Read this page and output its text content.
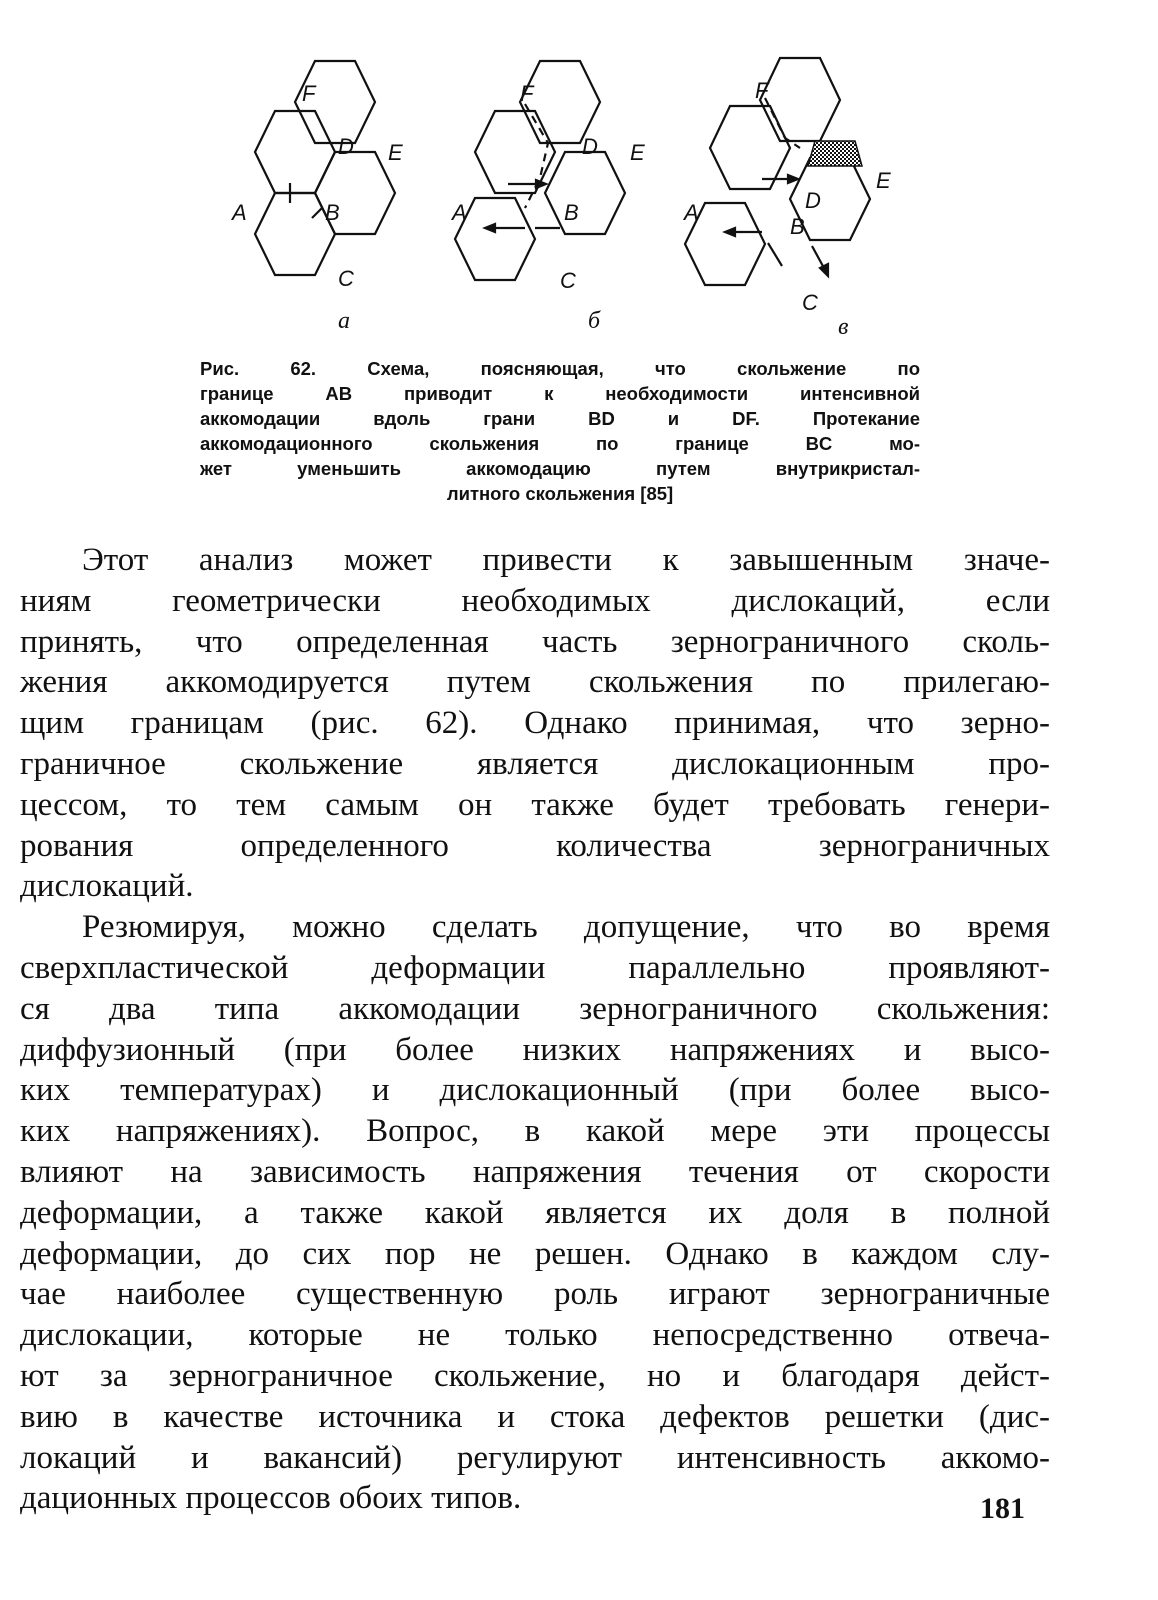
F
D E
A	B
C
а
F
D E
A	B
C
б
F
D
E
A
B
C
в
Рис. 62. Схема, поясняющая, что скольжение по
границе AB приводит к необходимости интенсивной
аккомодации вдоль грани BD и DF. Протекание
аккомодационного скольжения по границе BC мо-
жет уменьшить аккомодацию путем внутрикристал-
литного скольжения [85]
Этот анализ может привести к завышенным значе-
ниям геометрически необходимых дислокаций, если
принять, что определенная часть зернограничного сколь-
жения аккомодируется путем скольжения по прилегаю-
щим границам (рис. 62). Однако принимая, что зерно-
граничное скольжение является дислокационным про-
цессом, то тем самым он также будет требовать генери-
рования определенного количества зернограничных
дислокаций.
Резюмируя, можно сделать допущение, что во время
сверхпластической деформации параллельно проявляют-
ся два типа аккомодации зернограничного скольжения:
диффузионный (при более низких напряжениях и высо-
ких температурах) и дислокационный (при более высо-
ких напряжениях). Вопрос, в какой мере эти процессы
влияют на зависимость напряжения течения от скорости
деформации, а также какой является их доля в полной
деформации, до сих пор не решен. Однако в каждом слу-
чае наиболее существенную роль играют зернограничные
дислокации, которые не только непосредственно отвеча-
ют за зернограничное скольжение, но и благодаря дейст-
вию в качестве источника и стока дефектов решетки (дис-
локаций и вакансий) регулируют интенсивность аккомо-
дационных процессов обоих типов.	181
